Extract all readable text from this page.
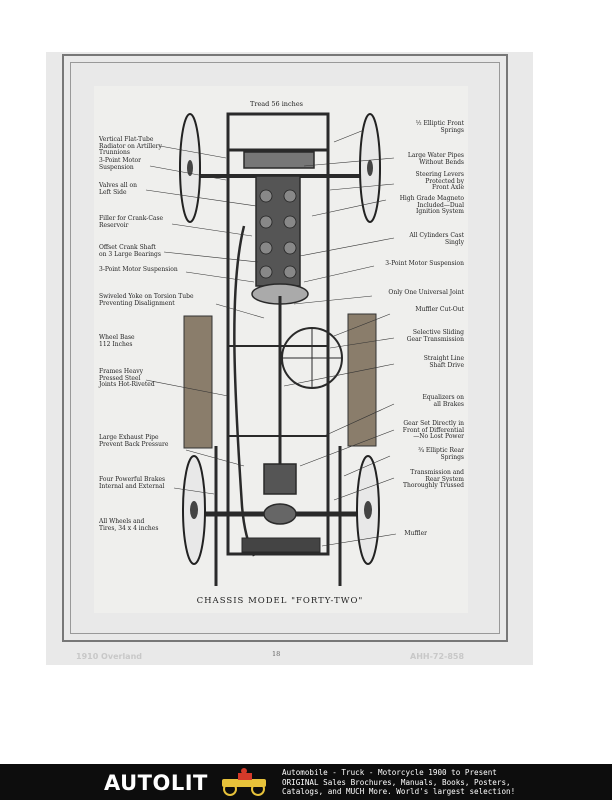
Tread 56 inches
Vertical Flat-Tube
Radiator on Artillery
Trunnions
3-Point Motor
Suspension
Valves all on
Left Side
Filler for Crank-Case
Reservoir
Offset Crank Shaft
on 3 Large Bearings
3-Point Motor Suspension
Swiveled Yoke on Torsion Tube
Preventing Disalignment
Wheel Base
112 Inches
Frames Heavy
Pressed Steel
Joints Hot-Riveted
Large Exhaust Pipe
Prevent Back Pressure
Four Powerful Brakes
Internal and External
All Wheels and
Tires, 34 x 4 inches
½ Elliptic Front
Springs
Large Water Pipes
Without Bends
Steering Levers
Protected by
Front Axle
High Grade Magneto
Included—Dual
Ignition System
All Cylinders Cast
Singly
3-Point Motor Suspension
Only One Universal Joint
Muffler Cut-Out
Selective Sliding
Gear Transmission
Straight Line
Shaft Drive
Equalizers on
all Brakes
Gear Set Directly in
Front of Differential
—No Lost Power
¾ Elliptic Rear
Springs
Transmission and
Rear System
Thoroughly Trussed
Muffler
CHASSIS MODEL "FORTY-TWO"
18
1910 Overland	AHH-72-858
AUTOLIT	Automobile - Truck - Motorcycle 1900 to Present
ORIGINAL Sales Brochures, Manuals, Books, Posters,
Catalogs, and MUCH More. World's largest selection!
